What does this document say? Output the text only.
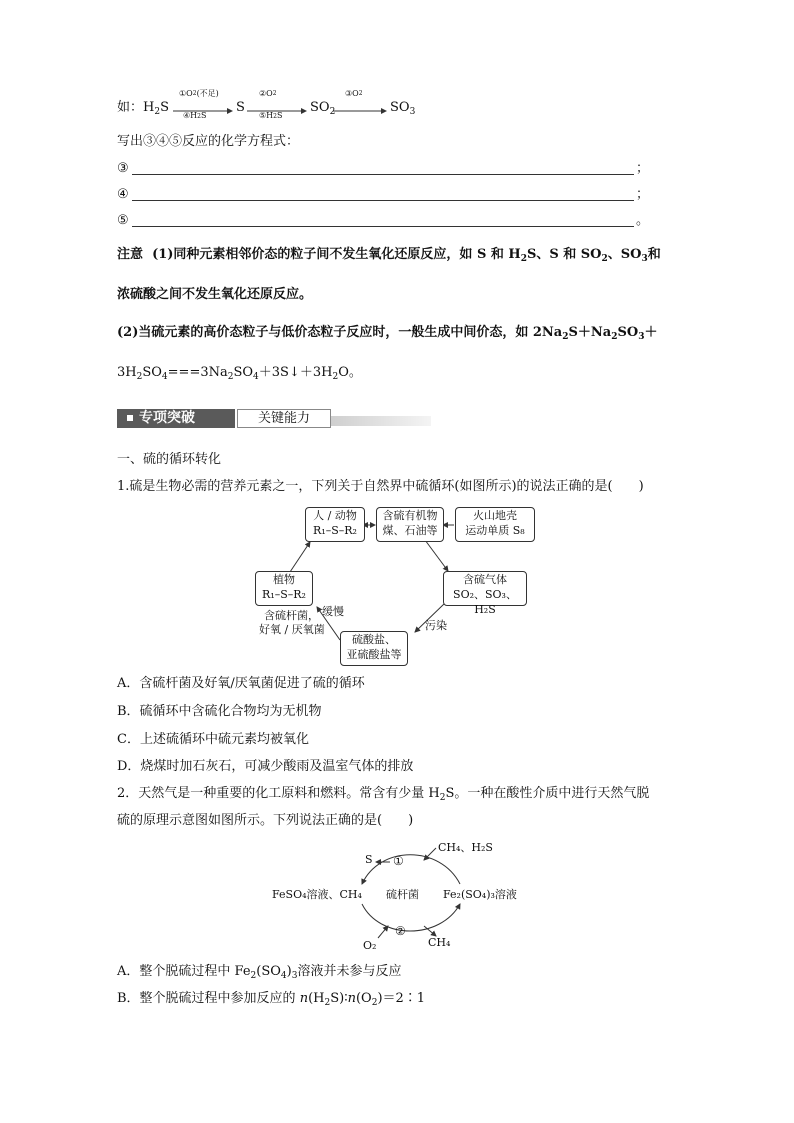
如：$H_2S$
$①O^2$(不足)
④H2S
S
$②O^2$
⑤H2S
$SO_2$
$③O^2$
$SO_3$
写出③④⑤反应的化学方程式：
③	；
④	；
⑤	。
注意 (1)同种元素相邻价态的粒子间不发生氧化还原反应，如 S 和 $H_2S$、S 和 $SO_2$、$SO_3$和
浓硫酸之间不发生氧化还原反应。
(2)当硫元素的高价态粒子与低价态粒子反应时，一般生成中间价态，如 $2Na_2S+Na_2SO_3+$
$3H_2SO_4===3Na_2SO_4+3S↓+3H_2O$。
专项突破	关键能力
一、硫的循环转化
1.硫是生物必需的营养元素之一，下列关于自然界中硫循环(如图所示)的说法正确的是(　　)
人 / 动物
R₁–S–R₂
含硫有机物
煤、石油等
火山地壳
运动单质 S₈
含硫气体
SO₂、SO₃、H₂S
硫酸盐、
亚硫酸盐等
植物
R₁–S–R₂
缓慢
含硫杆菌，
好氧 / 厌氧菌	污染
A．含硫杆菌及好氧/厌氧菌促进了硫的循环
B．硫循环中含硫化合物均为无机物
C．上述硫循环中硫元素均被氧化
D．烧煤时加石灰石，可减少酸雨及温室气体的排放
2．天然气是一种重要的化工原料和燃料。常含有少量 $H_2S$。一种在酸性介质中进行天然气脱
硫的原理示意图如图所示。下列说法正确的是(　　)
S ①
CH₄、H₂S
FeSO₄溶液、CH₄ 硫杆菌 Fe₂(SO₄)₃溶液
O₂
②
CH₄
A．整个脱硫过程中 $Fe_2(SO_4)_3$溶液并未参与反应
B．整个脱硫过程中参加反应的 $n(H_2S)∶n(O_2)=2∶1$
